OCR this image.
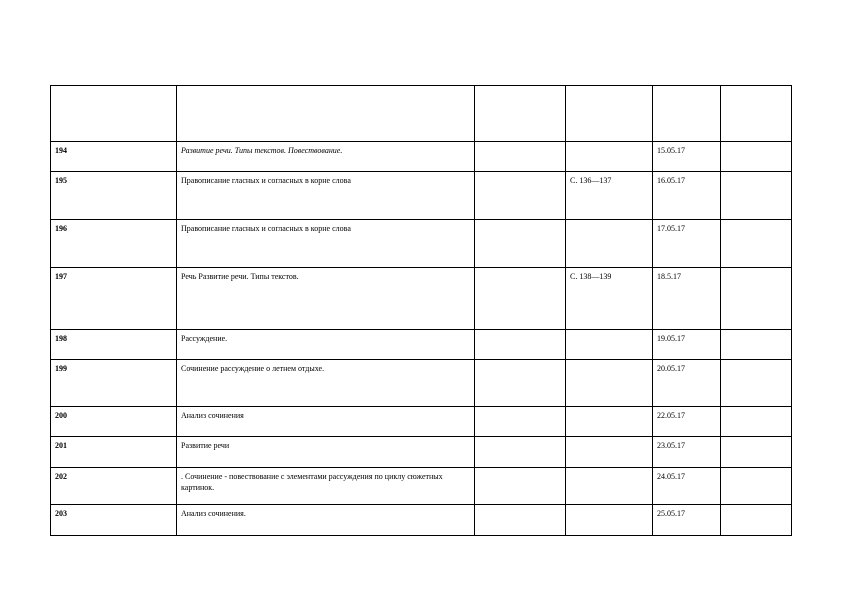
194	Развитие речи. Типы текстов. Повествование.			15.05.17	
195	Правописание гласных и согласных в корне слова		С. 136—137	16.05.17	
196	Правописание гласных и согласных в корне слова			17.05.17	
197	Речь Развитие речи. Типы текстов.		С. 138—139	18.5.17	
198	Рассуждение.			19.05.17	
199	Сочинение рассуждение о летнем отдыхе.			20.05.17	
200	Анализ сочинения			22.05.17	
201	Развитие речи			23.05.17	
202	. Сочинение - повествование с элементами рассуждения по циклу сюжетных картинок.			24.05.17	
203	Анализ сочинения.			25.05.17	
